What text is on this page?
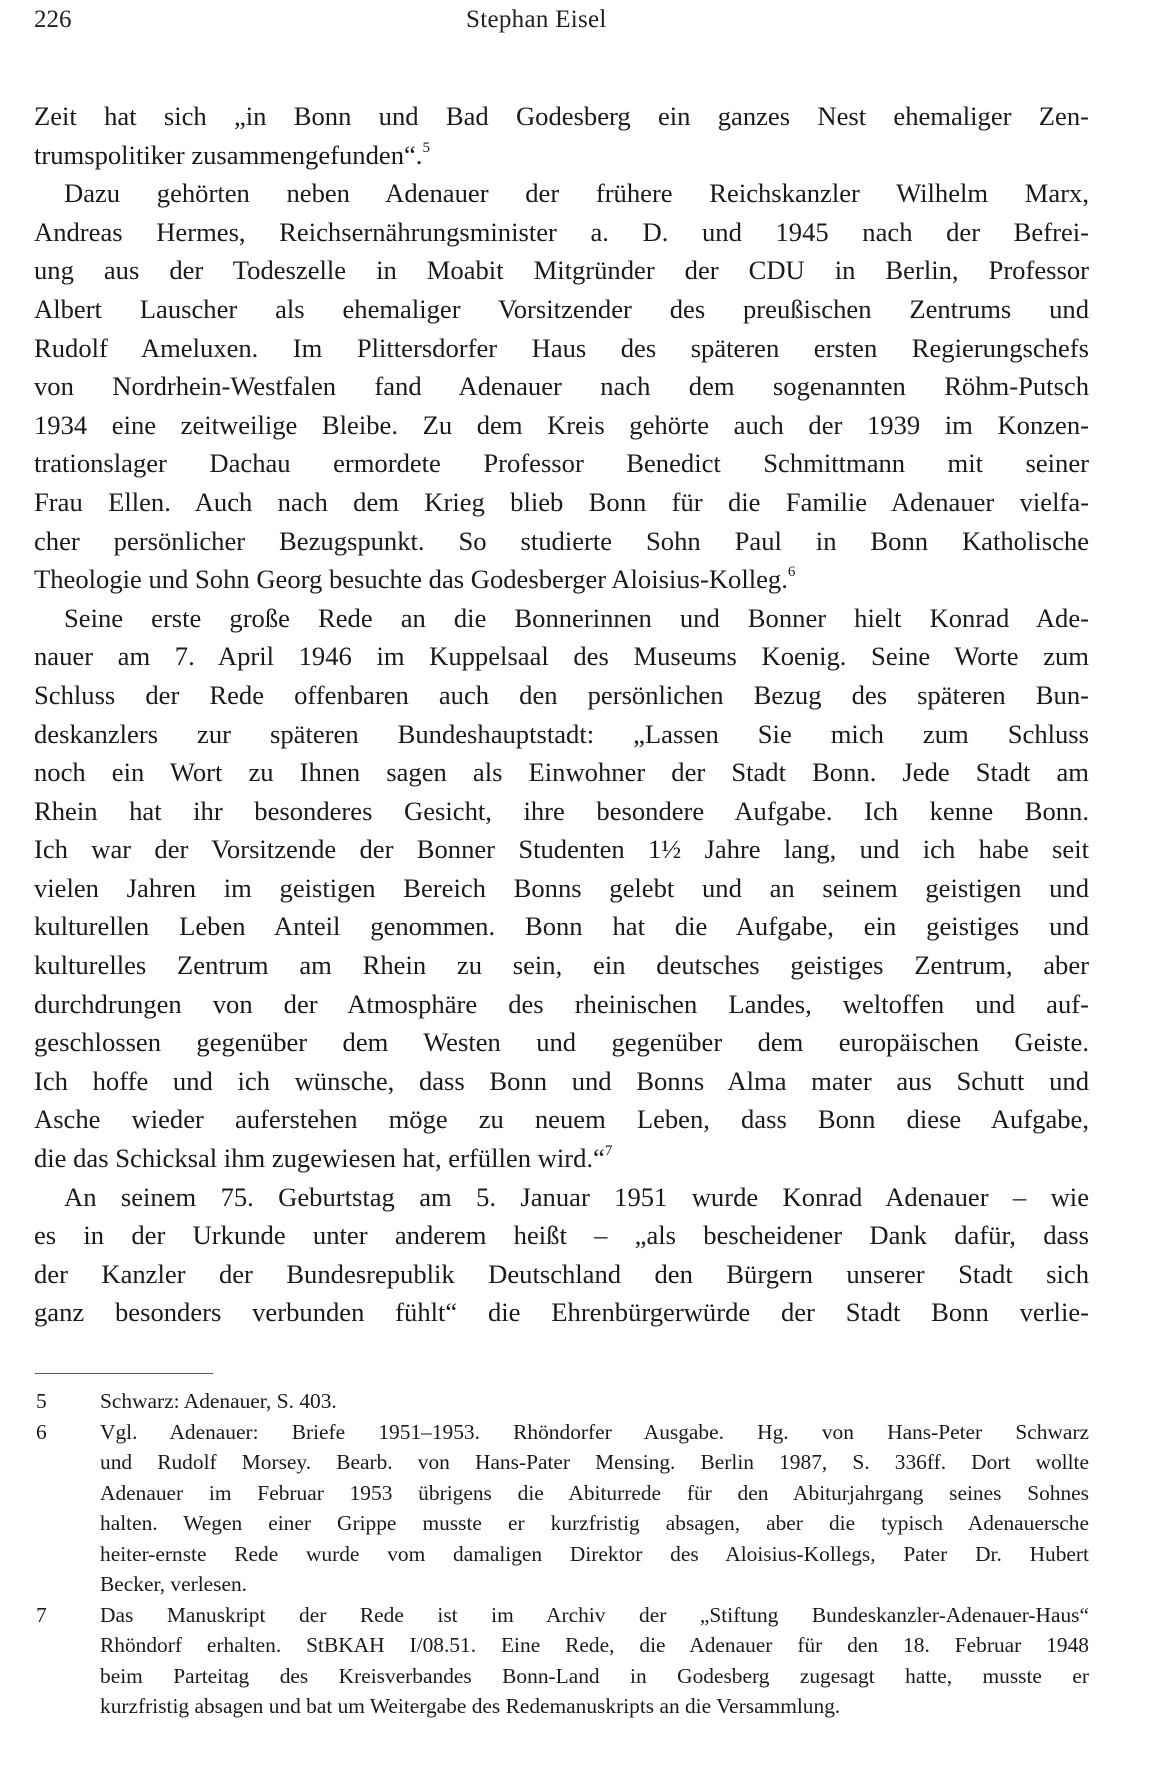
226	Stephan Eisel
Zeit hat sich „in Bonn und Bad Godesberg ein ganzes Nest ehemaliger Zen-
trumspolitiker zusammengefunden“.$^5$
Dazu gehörten neben Adenauer der frühere Reichskanzler Wilhelm Marx,
Andreas Hermes, Reichsernährungsminister a. D. und 1945 nach der Befrei-
ung aus der Todeszelle in Moabit Mitgründer der CDU in Berlin, Professor
Albert Lauscher als ehemaliger Vorsitzender des preußischen Zentrums und
Rudolf Ameluxen. Im Plittersdorfer Haus des späteren ersten Regierungschefs
von Nordrhein-Westfalen fand Adenauer nach dem sogenannten Röhm-Putsch
1934 eine zeitweilige Bleibe. Zu dem Kreis gehörte auch der 1939 im Konzen-
trationslager Dachau ermordete Professor Benedict Schmittmann mit seiner
Frau Ellen. Auch nach dem Krieg blieb Bonn für die Familie Adenauer vielfa-
cher persönlicher Bezugspunkt. So studierte Sohn Paul in Bonn Katholische
Theologie und Sohn Georg besuchte das Godesberger Aloisius-Kolleg.$^6$
Seine erste große Rede an die Bonnerinnen und Bonner hielt Konrad Ade-
nauer am 7. April 1946 im Kuppelsaal des Museums Koenig. Seine Worte zum
Schluss der Rede offenbaren auch den persönlichen Bezug des späteren Bun-
deskanzlers zur späteren Bundeshauptstadt: „Lassen Sie mich zum Schluss
noch ein Wort zu Ihnen sagen als Einwohner der Stadt Bonn. Jede Stadt am
Rhein hat ihr besonderes Gesicht, ihre besondere Aufgabe. Ich kenne Bonn.
Ich war der Vorsitzende der Bonner Studenten 1½ Jahre lang, und ich habe seit
vielen Jahren im geistigen Bereich Bonns gelebt und an seinem geistigen und
kulturellen Leben Anteil genommen. Bonn hat die Aufgabe, ein geistiges und
kulturelles Zentrum am Rhein zu sein, ein deutsches geistiges Zentrum, aber
durchdrungen von der Atmosphäre des rheinischen Landes, weltoffen und auf-
geschlossen gegenüber dem Westen und gegenüber dem europäischen Geiste.
Ich hoffe und ich wünsche, dass Bonn und Bonns Alma mater aus Schutt und
Asche wieder auferstehen möge zu neuem Leben, dass Bonn diese Aufgabe,
die das Schicksal ihm zugewiesen hat, erfüllen wird.“$^7$
An seinem 75. Geburtstag am 5. Januar 1951 wurde Konrad Adenauer – wie
es in der Urkunde unter anderem heißt – „als bescheidener Dank dafür, dass
der Kanzler der Bundesrepublik Deutschland den Bürgern unserer Stadt sich
ganz besonders verbunden fühlt“ die Ehrenbürgerwürde der Stadt Bonn verlie-
5 Schwarz: Adenauer, S. 403.
6 Vgl. Adenauer: Briefe 1951–1953. Rhöndorfer Ausgabe. Hg. von Hans-Peter Schwarz
und Rudolf Morsey. Bearb. von Hans-Pater Mensing. Berlin 1987, S. 336ff. Dort wollte
Adenauer im Februar 1953 übrigens die Abiturrede für den Abiturjahrgang seines Sohnes
halten. Wegen einer Grippe musste er kurzfristig absagen, aber die typisch Adenauersche
heiter-ernste Rede wurde vom damaligen Direktor des Aloisius-Kollegs, Pater Dr. Hubert
Becker, verlesen.
7 Das Manuskript der Rede ist im Archiv der „Stiftung Bundeskanzler-Adenauer-Haus“
Rhöndorf erhalten. StBKAH I/08.51. Eine Rede, die Adenauer für den 18. Februar 1948
beim Parteitag des Kreisverbandes Bonn-Land in Godesberg zugesagt hatte, musste er
kurzfristig absagen und bat um Weitergabe des Redemanuskripts an die Versammlung.
